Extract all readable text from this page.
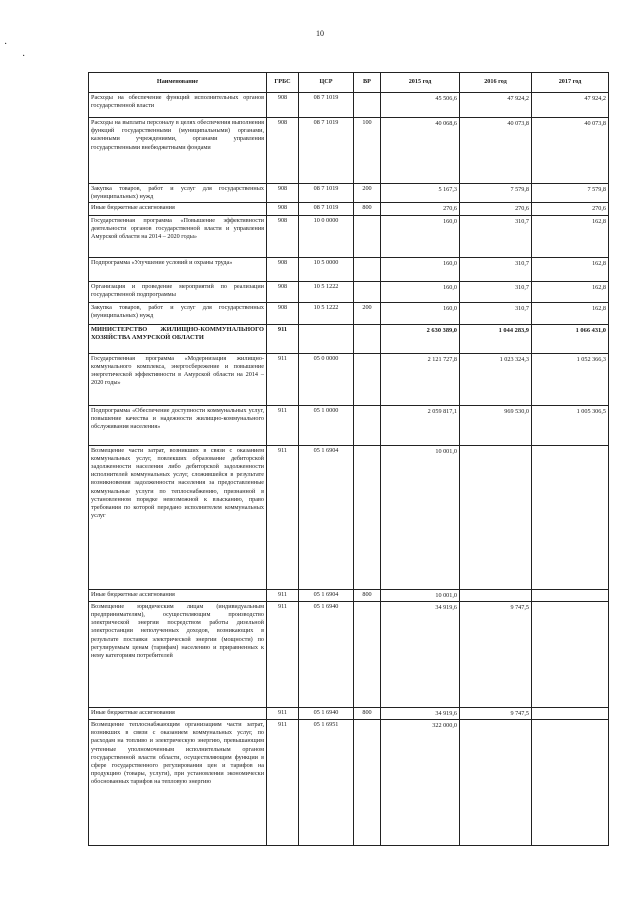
10
·
·
Наименование	ГРБС	ЦСР	ВР	2015 год	2016 год	2017 год
Расходы на обеспечение функций исполнительных органов государственной власти	908	08 7 1019		45 506,6	47 924,2	47 924,2
Расходы на выплаты персоналу в целях обеспечения выполнения функций государственными (муниципальными) органами, казенными учреждениями, органами управления государственными внебюджетными фондами	908	08 7 1019	100	40 068,6	40 073,8	40 073,8
Закупка товаров, работ и услуг для государственных (муниципальных) нужд	908	08 7 1019	200	5 167,3	7 579,8	7 579,8
Иные бюджетные ассигнования	908	08 7 1019	800	270,6	270,6	270,6
Государственная программа «Повышение эффективности деятельности органов государственной власти и управления Амурской области на 2014 – 2020 годы»	908	10 0 0000		160,0	310,7	162,8
Подпрограмма «Улучшение условий и охраны труда»	908	10 5 0000		160,0	310,7	162,8
Организация и проведение мероприятий по реализации государственной подпрограммы	908	10 5 1222		160,0	310,7	162,8
Закупка товаров, работ и услуг для государственных (муниципальных) нужд	908	10 5 1222	200	160,0	310,7	162,8
МИНИСТЕРСТВО ЖИЛИЩНО-КОММУНАЛЬНОГО ХОЗЯЙСТВА АМУРСКОЙ ОБЛАСТИ	911			2 630 389,0	1 044 283,9	1 066 431,0
Государственная программа «Модернизация жилищно-коммунального комплекса, энергосбережение и повышение энергетической эффективности в Амурской области на 2014 – 2020 годы»	911	05 0 0000		2 121 727,8	1 023 324,3	1 052 366,3
Подпрограмма «Обеспечение доступности коммунальных услуг, повышение качества и надежности жилищно-коммунального обслуживания населения»	911	05 1 0000		2 059 817,1	969 530,0	1 005 306,5
Возмещение части затрат, возникших в связи с оказанием коммунальных услуг, повлекших образование дебиторской задолженности населения либо дебиторской задолженности исполнителей коммунальных услуг, сложившейся в результате возникновения задолженности населения за предоставленные коммунальные услуги по теплоснабжению, признанной в установленном порядке невозможной к взысканию, право требования по которой передано исполнителем коммунальных услуг	911	05 1 6904		10 001,0		
Иные бюджетные ассигнования	911	05 1 6904	800	10 001,0		
Возмещение юридическим лицам (индивидуальным предпринимателям), осуществляющим производство электрической энергии посредством работы дизельной электростанции неполученных доходов, возникающих в результате поставки электрической энергии (мощности) по регулируемым ценам (тарифам) населению и приравненных к нему категориям потребителей	911	05 1 6940		34 919,6	9 747,5	
Иные бюджетные ассигнования	911	05 1 6940	800	34 919,6	9 747,5	
Возмещение теплоснабжающим организациям части затрат, возникших в связи с оказанием коммунальных услуг, по расходам на топливо и электрическую энергию, превышающим учтенные уполномоченным исполнительным органом государственной власти области, осуществляющим функции в сфере государственного регулирования цен и тарифов на продукцию (товары, услуги), при установлении экономически обоснованных тарифов на тепловую энергию	911	05 1 6951		322 000,0		
